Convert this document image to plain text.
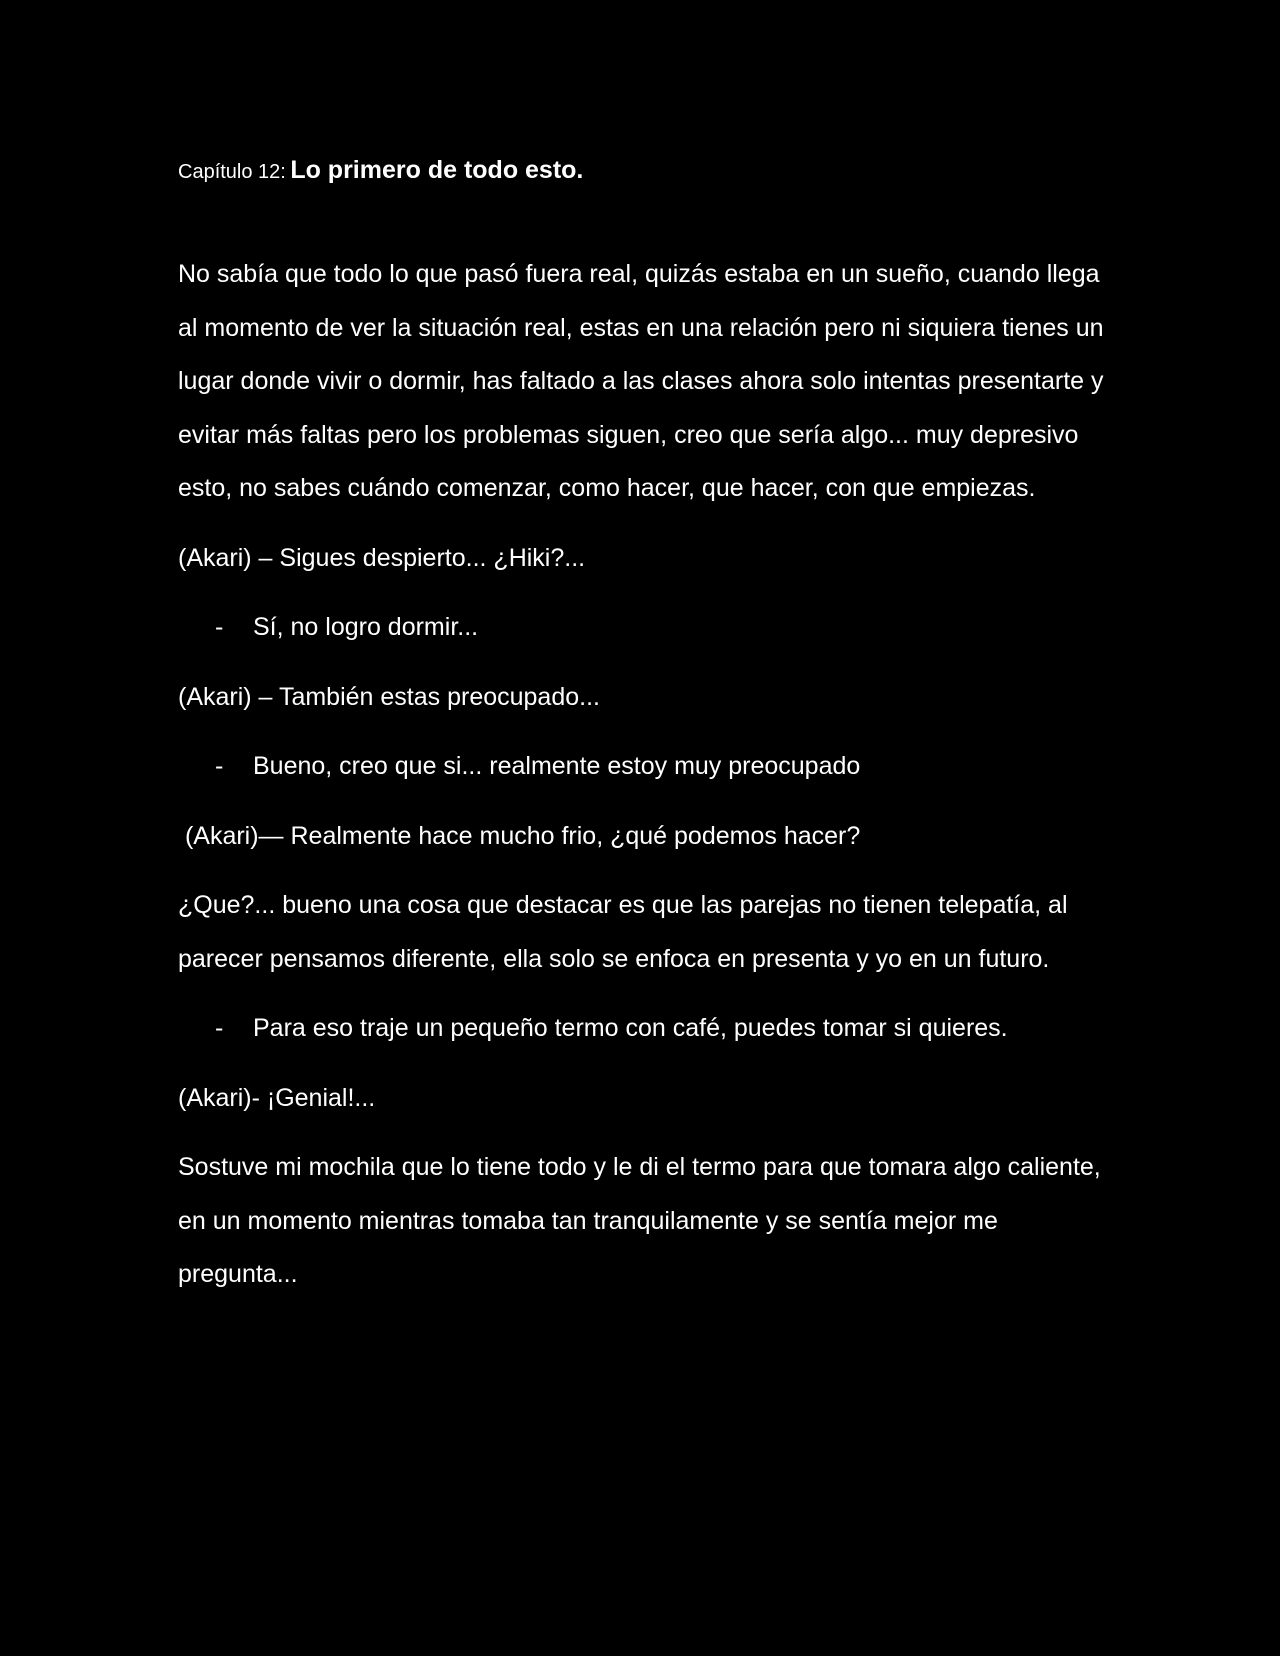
Capítulo 12: Lo primero de todo esto.

No sabía que todo lo que pasó fuera real, quizás estaba en un sueño, cuando llega al momento de ver la situación real, estas en una relación pero ni siquiera tienes un lugar donde vivir o dormir, has faltado a las clases ahora solo intentas presentarte y evitar más faltas pero los problemas siguen, creo que sería algo... muy depresivo esto, no sabes cuándo comenzar, como hacer, que hacer, con que empiezas.

(Akari) – Sigues despierto... ¿Hiki?...

- Sí, no logro dormir...

(Akari) – También estas preocupado...

- Bueno, creo que si... realmente estoy muy preocupado

(Akari)— Realmente hace mucho frio, ¿qué podemos hacer?

¿Que?... bueno una cosa que destacar es que las parejas no tienen telepatía, al parecer pensamos diferente, ella solo se enfoca en presenta y yo en un futuro.

- Para eso traje un pequeño termo con café, puedes tomar si quieres.

(Akari)- ¡Genial!...

Sostuve mi mochila que lo tiene todo y le di el termo para que tomara algo caliente, en un momento mientras tomaba tan tranquilamente y se sentía mejor me pregunta...
